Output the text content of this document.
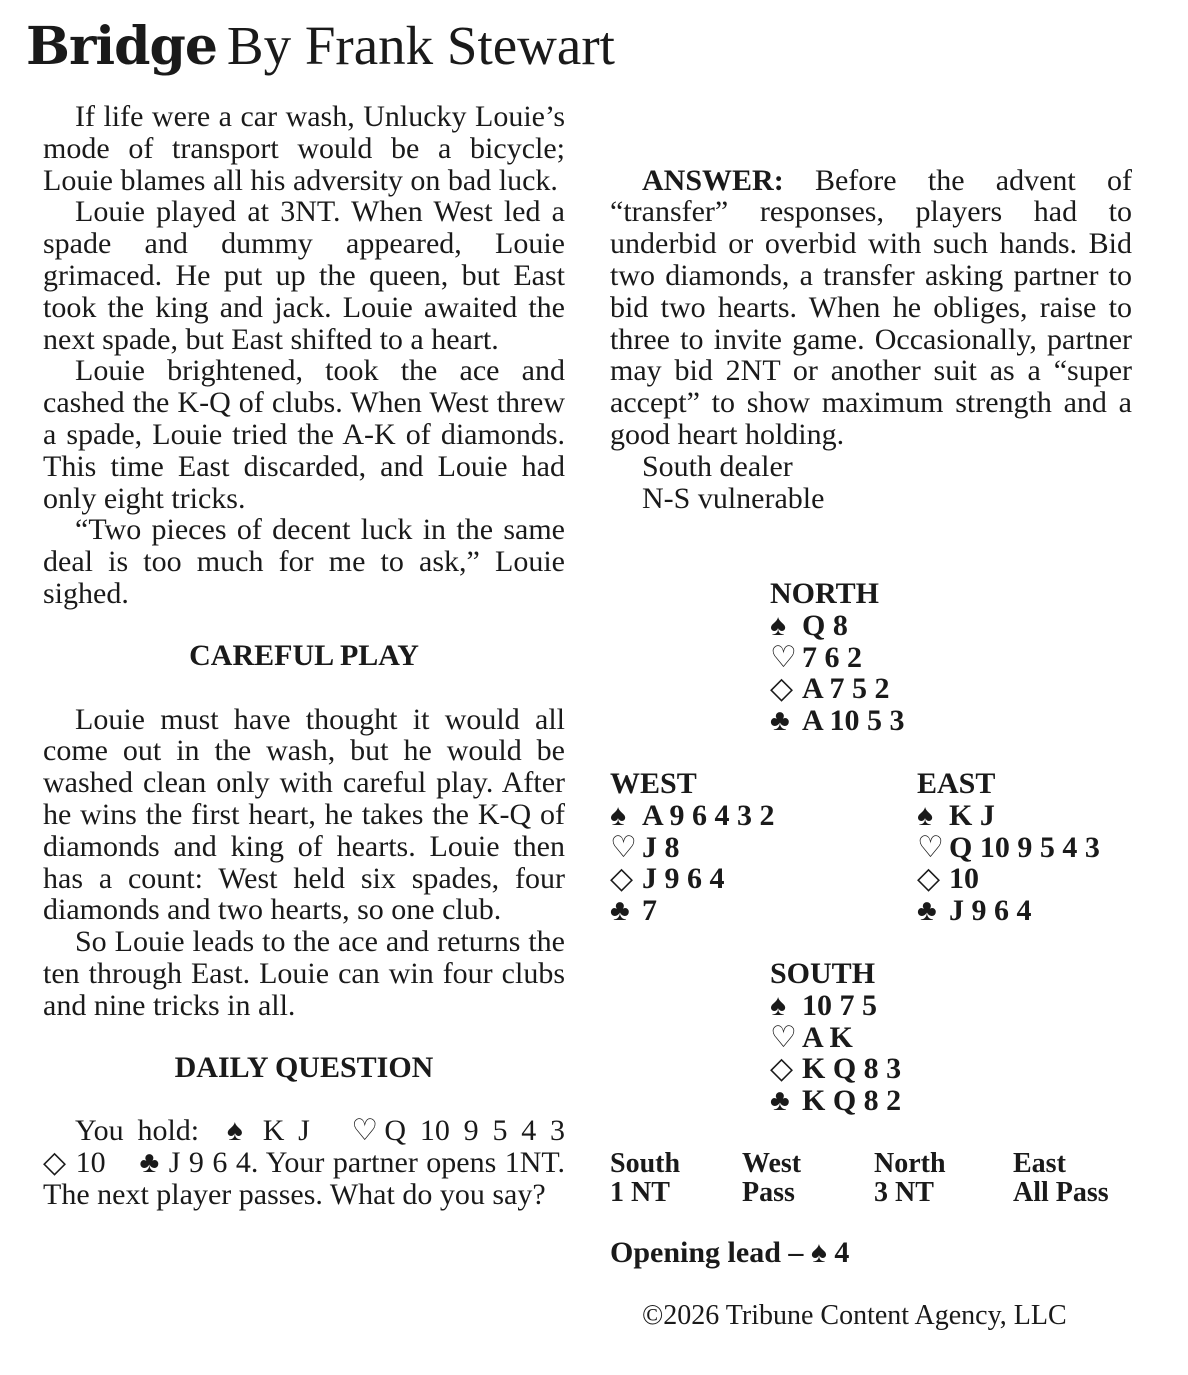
Bridge By Frank Stewart

If life were a car wash, Unlucky Louie’s mode of transport would be a bicycle; Louie blames all his adversity on bad luck.

Louie played at 3NT. When West led a spade and dummy appeared, Louie grimaced. He put up the queen, but East took the king and jack. Louie awaited the next spade, but East shifted to a heart.

Louie brightened, took the ace and cashed the K-Q of clubs. When West threw a spade, Louie tried the A-K of diamonds. This time East discarded, and Louie had only eight tricks.

“Two pieces of decent luck in the same deal is too much for me to ask,” Louie sighed.

CAREFUL PLAY

Louie must have thought it would all come out in the wash, but he would be washed clean only with careful play. After he wins the first heart, he takes the K-Q of diamonds and king of hearts. Louie then has a count: West held six spades, four diamonds and two hearts, so one club.

So Louie leads to the ace and returns the ten through East. Louie can win four clubs and nine tricks in all.

DAILY QUESTION

You hold: ♠ K J ♡Q 10 9 5 4 3 ◇ 10 ♣ J 9 6 4. Your partner opens 1NT. The next player passes. What do you say?

ANSWER: Before the advent of “transfer” responses, players had to underbid or overbid with such hands. Bid two diamonds, a transfer asking partner to bid two hearts. When he obliges, raise to three to invite game. Occasionally, partner may bid 2NT or another suit as a “super accept” to show maximum strength and a good heart holding.

South dealer
N-S vulnerable
NORTH
♠ Q 8
♡ 7 6 2
◇ A 7 5 2
♣ A 10 5 3
WEST
♠ A 9 6 4 3 2
♡ J 8
◇ J 9 6 4
♣ 7
EAST
♠ K J
♡ Q 10 9 5 4 3
◇ 10
♣ J 9 6 4
SOUTH
♠ 10 7 5
♡ A K
◇ K Q 8 3
♣ K Q 8 2
South
1 NT
West
Pass
North
3 NT
East
All Pass
Opening lead – ♠ 4
©2026 Tribune Content Agency, LLC
